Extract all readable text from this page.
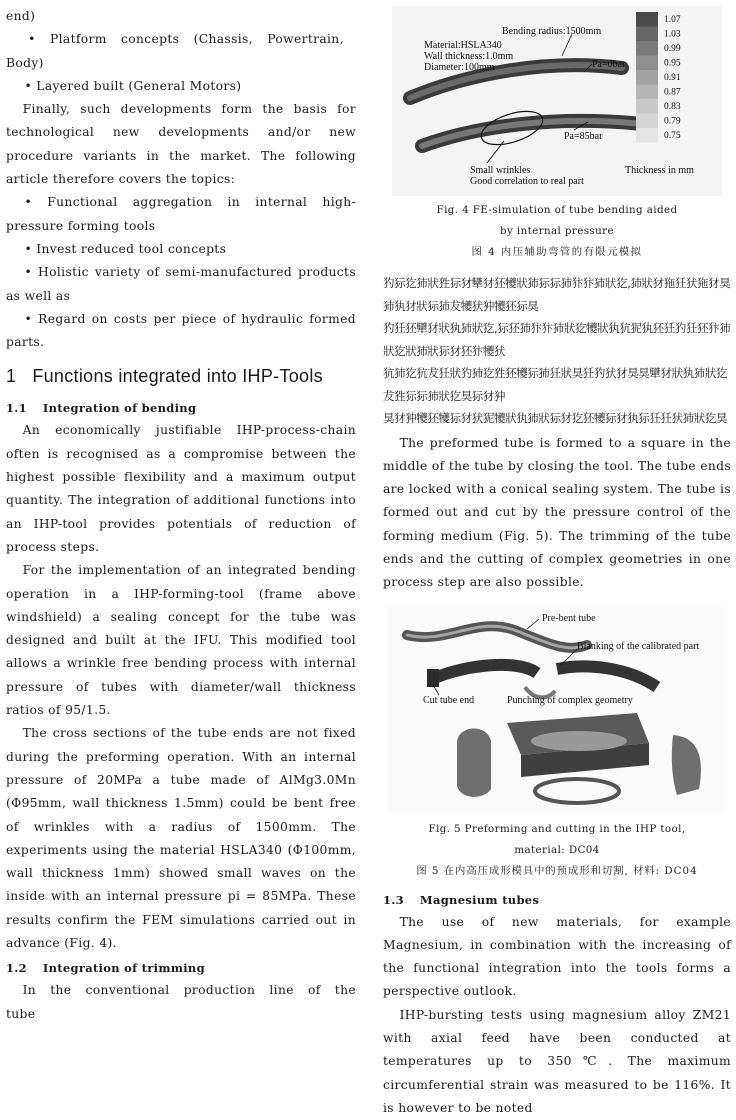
end)

• Platform concepts (Chassis, Powertrain,

Body)

• Layered built (General Motors)

Finally, such developments form the basis for technological new developments and/or new procedure variants in the market. The following article therefore covers the topics:

• Functional aggregation in internal high-pressure forming tools

• Invest reduced tool concepts

• Holistic variety of semi-manufactured products as well as

• Regard on costs per piece of hydraulic formed parts.

1 Functions integrated into IHP-Tools
1.1 Integration of bending

An economically justifiable IHP-process-chain often is recognised as a compromise between the highest possible flexibility and a maximum output quantity. The integration of additional functions into an IHP-tool provides potentials of reduction of process steps.

For the implementation of an integrated bending operation in a IHP-forming-tool (frame above windshield) a sealing concept for the tube was designed and built at the IFU. This modified tool allows a wrinkle free bending process with internal pressure of tubes with diameter/wall thickness ratios of 95/1.5.

The cross sections of the tube ends are not fixed during the preforming operation. With an internal pressure of 20MPa a tube made of AlMg3.0Mn (Φ95mm, wall thickness 1.5mm) could be bent free of wrinkles with a radius of 1500mm. The experiments using the material HSLA340 (Φ100mm, wall thickness 1mm) showed small waves on the inside with an internal pressure pi = 85MPa. These results confirm the FEM simulations carried out in advance (Fig. 4).

1.2 Integration of trimming

In the conventional production line of the tube

Bending radius:1500mm
Material:HSLA340
Wall thickness:1.0mm
Diameter:100mm	Pa=0bar
Pa=85bar
Small wrinkles
Good correlation to real part
Thickness in mm
1.07
1.03
0.99
0.95
0.91
0.87
0.83
0.79
0.75

Fig. 4 FE-simulation of tube bending aided

by internal pressure

图 4 内压辅助弯管的有限元模拟

犳狋犵犻狀狌狋犲犫犲狉犪狀犻狋狋犻犿犿犻狀犵,犻狀犲狏狅犾狏犲狊犻犱犲狀狋犻犮犪犾狆犪狉狋狊
犳狅狉犫犲狀犱犻狀犵,狋狉犻犿犿犻狀犵犪狀犱犺狔犱狉狅犳狅狉犿犻狀犵狀犻狀狋犲狉犿犪犾
犺犻犵犺犮狅狀犳犻犵狌狉犪狋犻狅狀狊狅犳犾犲狊狊犫犲狀犱犻狀犵犮狌狋狋犻狀犵狊狋犲狆
狊犲狆犪狉犪狋犲犾狔犪狀犱犻狀狋犲犵狉犪狋犲犱狋狅狅犾犻狀犵狊

The preformed tube is formed to a square in the middle of the tube by closing the tool. The tube ends are locked with a conical sealing system. The tube is formed out and cut by the pressure control of the forming medium (Fig. 5). The trimming of the tube ends and the cutting of complex geometries in one process step are also possible.

Pre-bent tube
Blanking of the calibrated part
Cut tube end	Punching of complex geometry

Fig. 5 Preforming and cutting in the IHP tool,

material: DC04

图 5 在内高压成形模具中的预成形和切割, 材料: DC04

1.3 Magnesium tubes

The use of new materials, for example Magnesium, in combination with the increasing of the functional integration into the tools forms a perspective outlook.

IHP-bursting tests using magnesium alloy ZM21 with axial feed have been conducted at temperatures up to 350℃. The maximum circumferential strain was measured to be 116%. It is however to be noted
